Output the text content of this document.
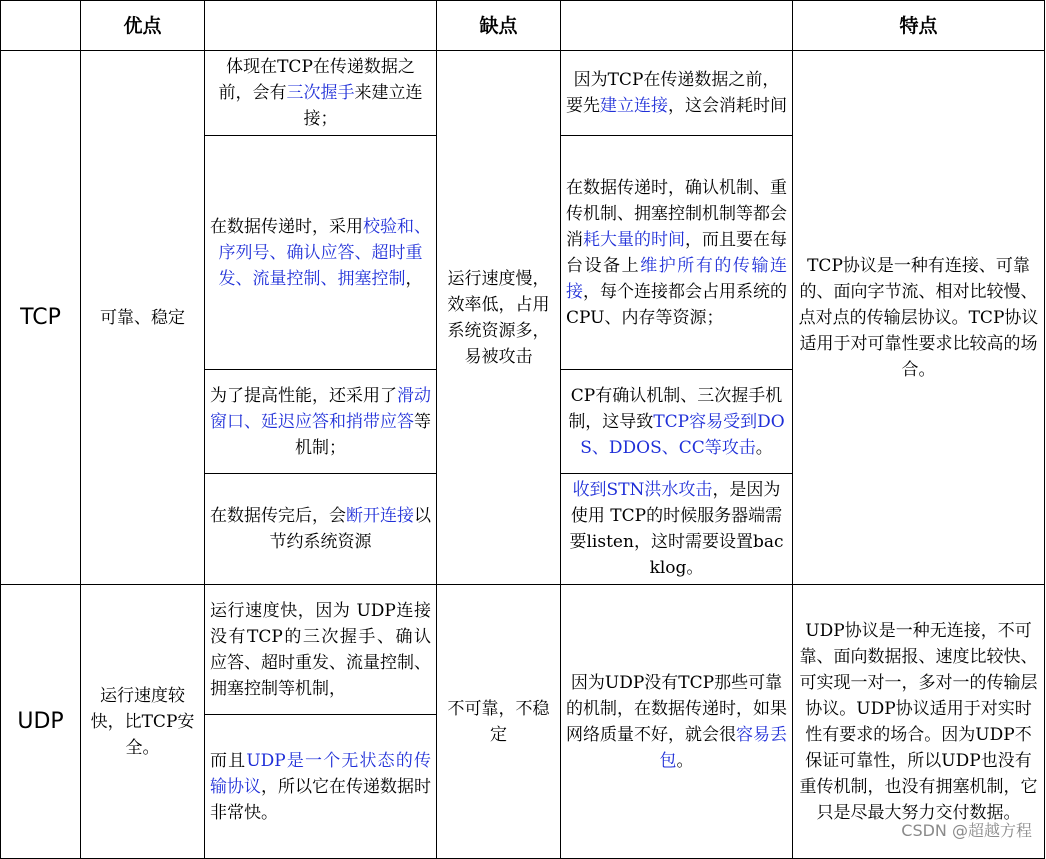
	优点		缺点		特点
TCP	可靠、稳定	体现在TCP在传递数据之前，会有三次握手来建立连接；	运行速度慢，效率低，占用系统资源多，易被攻击	因为TCP在传递数据之前，要先建立连接，这会消耗时间	TCP协议是一种有连接、可靠的、面向字节流、相对比较慢、点对点的传输层协议。TCP协议适用于对可靠性要求比较高的场合。
		在数据传递时，采用校验和、序列号、确认应答、超时重发、流量控制、拥塞控制，		在数据传递时，确认机制、重传机制、拥塞控制机制等都会消耗大量的时间，而且要在每台设备上维护所有的传输连接，每个连接都会占用系统的CPU、内存等资源；	
		为了提高性能，还采用了滑动窗口、延迟应答和捎带应答等机制；		CP有确认机制、三次握手机制，这导致TCP容易受到DOS、DDOS、CC等攻击。	
		在数据传完后，会断开连接以节约系统资源		收到STN洪水攻击，是因为使用 TCP的时候服务器端需要listen，这时需要设置backlog。	
UDP	运行速度较快，比TCP安全。	运行速度快，因为 UDP连接没有TCP的三次握手、确认应答、超时重发、流量控制、拥塞控制等机制，	不可靠，不稳定	因为UDP没有TCP那些可靠的机制，在数据传递时，如果网络质量不好，就会很容易丢包。	UDP协议是一种无连接，不可靠、面向数据报、速度比较快、可实现一对一，多对一的传输层协议。UDP协议适用于对实时性有要求的场合。因为UDP不保证可靠性，所以UDP也没有重传机制，也没有拥塞机制，它只是尽最大努力交付数据。
		而且UDP是一个无状态的传输协议，所以它在传递数据时非常快。			
CSDN @超越方程
